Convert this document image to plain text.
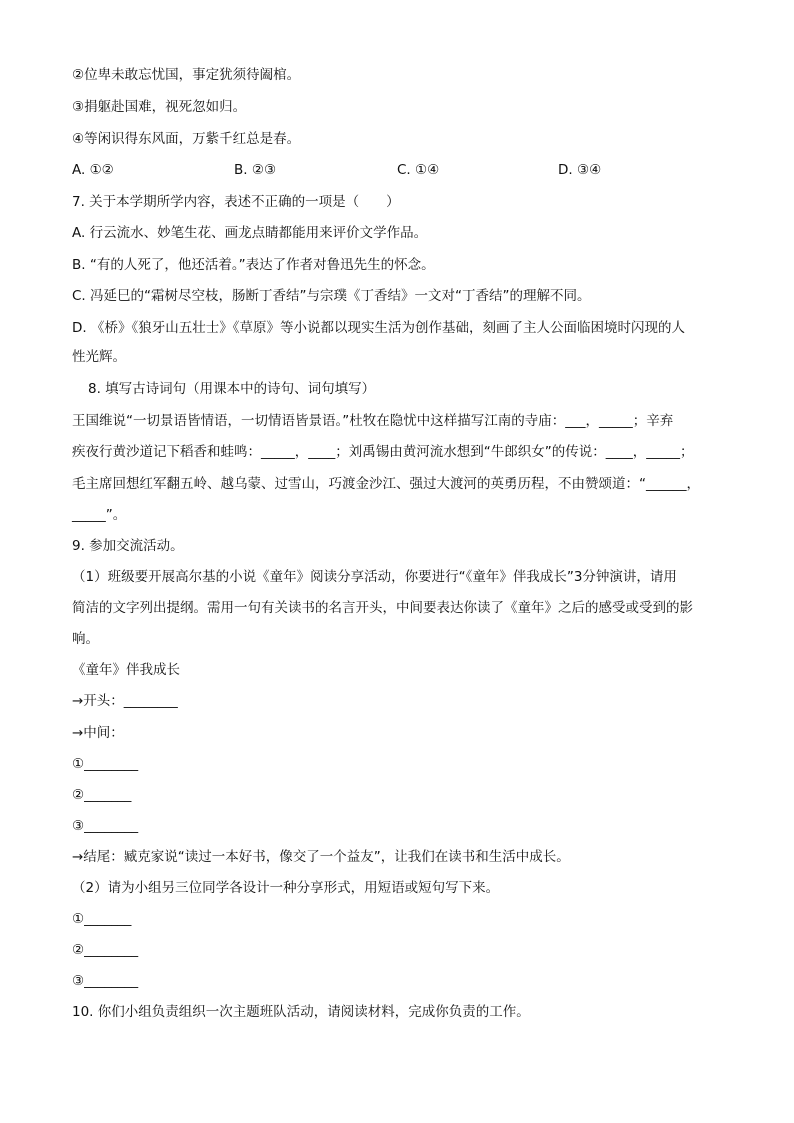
②位卑未敢忘忧国，事定犹须待阖棺。
③捐躯赴国难，视死忽如归。
④等闲识得东风面，万紫千红总是春。
A. ①②	B. ②③	C. ①④	D. ③④
7. 关于本学期所学内容，表述不正确的一项是（　　）
A. 行云流水、妙笔生花、画龙点睛都能用来评价文学作品。
B. “有的人死了，他还活着。”表达了作者对鲁迅先生的怀念。
C. 冯延巳的“霜树尽空枝，肠断丁香结”与宗璞《丁香结》一文对“丁香结”的理解不同。
D. 《桥》《狼牙山五壮士》《草原》等小说都以现实生活为创作基础，刻画了主人公面临困境时闪现的人
性光辉。
8. 填写古诗词句（用课本中的诗句、词句填写）
王国维说“一切景语皆情语，一切情语皆景语。”杜牧在隐忧中这样描写江南的寺庙：___，_____；辛弃
疾夜行黄沙道记下稻香和蛙鸣：_____，____；刘禹锡由黄河流水想到“牛郎织女”的传说：____，_____；
毛主席回想红军翻五岭、越乌蒙、过雪山，巧渡金沙江、强过大渡河的英勇历程，不由赞颂道：“______，
_____”。
9. 参加交流活动。
（1）班级要开展高尔基的小说《童年》阅读分享活动，你要进行“《童年》伴我成长”3分钟演讲，请用
简洁的文字列出提纲。需用一句有关读书的名言开头，中间要表达你读了《童年》之后的感受或受到的影
响。
《童年》伴我成长
→开头：________
→中间：
①________
②_______
③________
→结尾：臧克家说“读过一本好书，像交了一个益友”，让我们在读书和生活中成长。
（2）请为小组另三位同学各设计一种分享形式，用短语或短句写下来。
①_______
②________
③________
10. 你们小组负责组织一次主题班队活动，请阅读材料，完成你负责的工作。
